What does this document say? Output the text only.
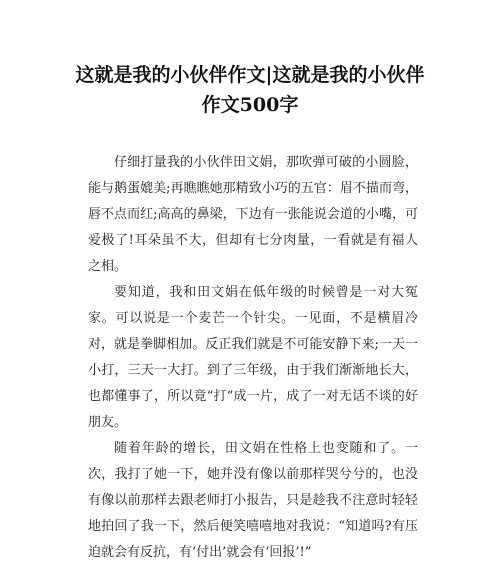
这就是我的小伙伴作文|这就是我的小伙伴作文500字

仔细打量我的小伙伴田文娟，那吹弹可破的小圆脸，能与鹅蛋媲美;再瞧瞧她那精致小巧的五官：眉不描而弯，唇不点而红;高高的鼻梁，下边有一张能说会道的小嘴，可爱极了!耳朵虽不大，但却有七分肉量，一看就是有福人之相。

要知道，我和田文娟在低年级的时候曾是一对大冤家。可以说是一个麦芒一个针尖。一见面，不是横眉冷对，就是拳脚相加。反正我们就是不可能安静下来;一天一小打，三天一大打。到了三年级，由于我们渐渐地长大，也都懂事了，所以竟“打”成一片，成了一对无话不谈的好朋友。

随着年龄的增长，田文娟在性格上也变随和了。一次，我打了她一下，她并没有像以前那样哭兮兮的，也没有像以前那样去跟老师打小报告，只是趁我不注意时轻轻地拍回了我一下，然后便笑嘻嘻地对我说：“知道吗?有压迫就会有反抗，有‘付出’就会有‘回报’!”
